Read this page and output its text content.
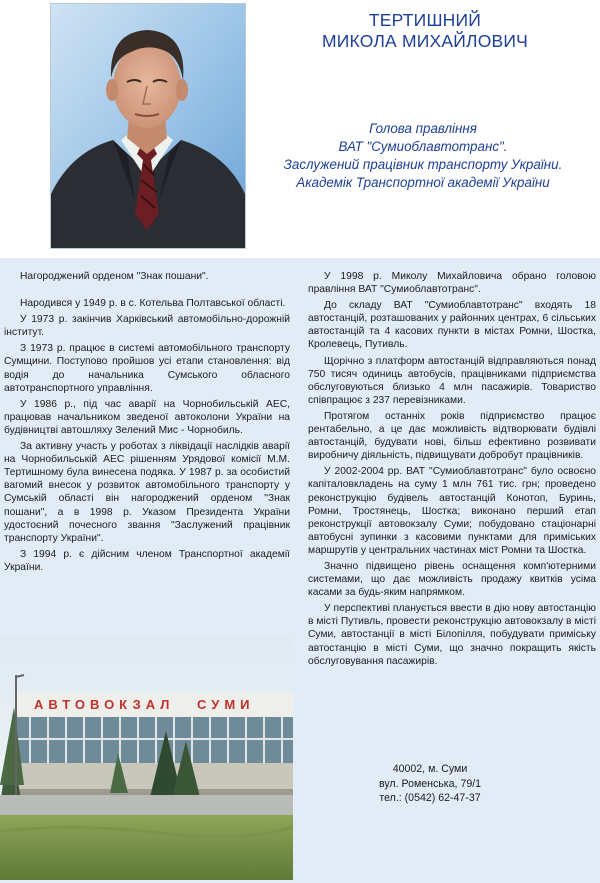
ТЕРТИШНИЙ
МИКОЛА МИХАЙЛОВИЧ
Голова правління
ВАТ "Сумиоблавтотранс".
Заслужений працівник транспорту України.
Академік Транспортної академії України

Нагороджений орденом "Знак пошани".

Народився у 1949 р. в с. Котельва Полтавської області.

У 1973 р. закінчив Харківський автомобільно-дорожній інститут.

З 1973 р. працює в системі автомобільного транспорту Сумщини. Поступово пройшов усі етапи становлення: від водія до начальника Сумського обласного автотранспортного управління.

У 1986 р., під час аварії на Чорнобильській АЕС, працював начальником зведеної автоколони України на будівництві автошляху Зелений Мис - Чорнобиль.

За активну участь у роботах з ліквідації наслідків аварії на Чорнобильській АЕС рішенням Урядової комісії М.М. Тертишному була винесена подяка. У 1987 р. за особистий вагомий внесок у розвиток автомобільного транспорту у Сумській області він нагороджений орденом "Знак пошани", а в 1998 р. Указом Президента України удостоєний почесного звання "Заслужений працівник транспорту України".

З 1994 р. є дійсним членом Транспортної академії України.

У 1998 р. Миколу Михайловича обрано головою правління ВАТ "Сумиоблавтотранс".

До складу ВАТ "Сумиоблавтотранс" входять 18 автостанцій, розташованих у районних центрах, 6 сільських автостанцій та 4 касових пункти в містах Ромни, Шостка, Кролевець, Путивль.

Щорічно з платформ автостанцій відправляються понад 750 тисяч одиниць автобусів, працівниками підприємства обслуговуються близько 4 млн пасажирів. Товариство співпрацює з 237 перевізниками.

Протягом останніх років підприємство працює рентабельно, а це дає можливість відтворювати будівлі автостанцій, будувати нові, більш ефективно розвивати виробничу діяльність, підвищувати добробут працівників.

У 2002-2004 рр. ВАТ "Сумиоблавтотранс" було освоєно капіталовкладень на суму 1 млн 761 тис. грн; проведено реконструкцію будівель автостанцій Конотоп, Буринь, Ромни, Тростянець, Шостка; виконано перший етап реконструкції автовокзалу Суми; побудовано стаціонарні автобусні зупинки з касовими пунктами для приміських маршрутів у центральних частинах міст Ромни та Шостка.

Значно підвищено рівень оснащення комп'ютерними системами, що дає можливість продажу квитків усіма касами за будь-яким напрямком.

У перспективі планується ввести в дію нову автостанцію в місті Путивль, провести реконструкцію автовокзалу в місті Суми, автостанції в місті Білопілля, побудувати приміську автостанцію в місті Суми, що значно покращить якість обслуговування пасажирів.

АВТОВОКЗАЛ СУМИ
40002, м. Суми
вул. Роменська, 79/1
тел.: (0542) 62-47-37
